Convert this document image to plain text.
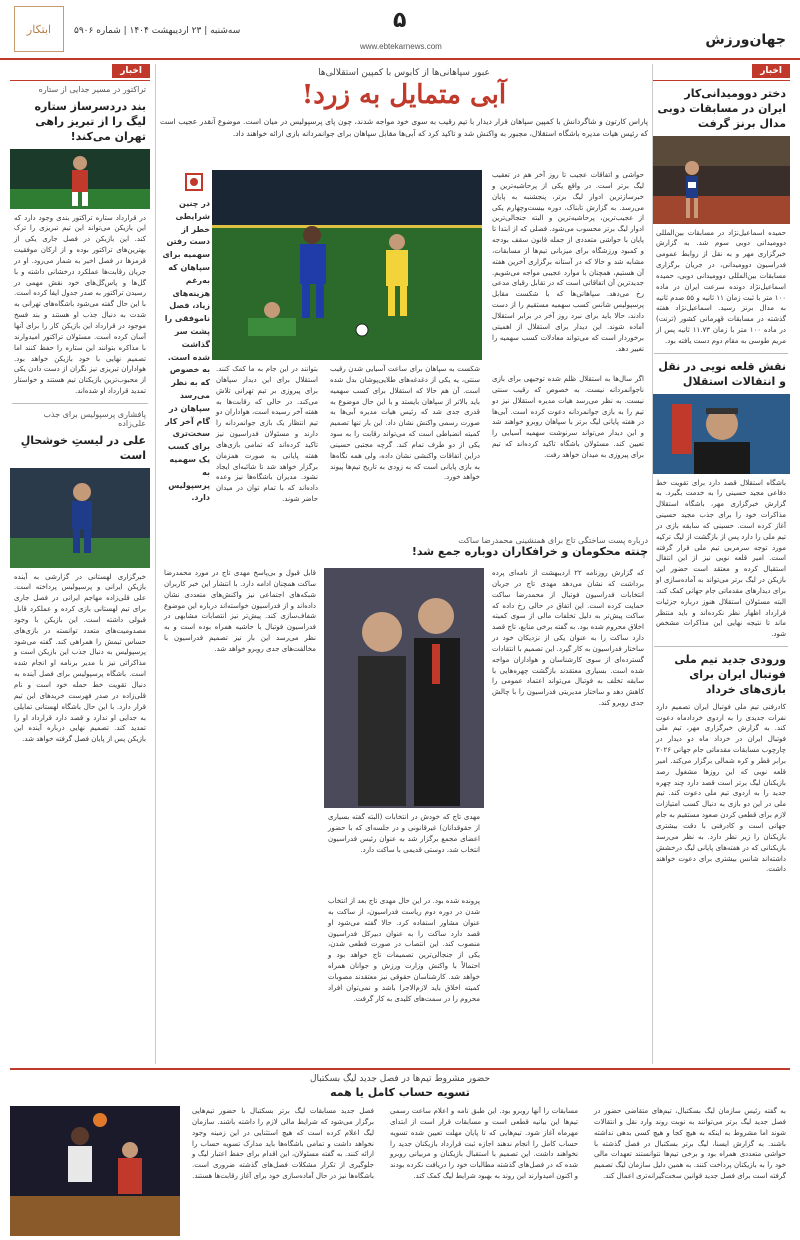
ابتکار	سه‌شنبه | ۲۳ اردیبهشت ۱۴۰۴ | شماره ۵۹۰۶	۵
www.ebtekarnews.com	جهان‌ورزش
اخبار
دختر دوومیدانی‌کار ایران در مسابقات دوبی مدال برنز گرفت
حمیده اسماعیل‌نژاد در مسابقات بین‌المللی دوومیدانی دوبی سوم شد. به گزارش خبرگزاری مهر و به نقل از روابط عمومی فدراسیون دوومیدانی، در جریان برگزاری مسابقات بین‌المللی دوومیدانی دوبی، حمیده اسماعیل‌نژاد دونده سرعت ایران در ماده ۱۰۰ متر با ثبت زمان ۱۱ ثانیه و ۵۵ صدم ثانیه به مدال برنز رسید. اسماعیل‌نژاد هفته گذشته در مسابقات قهرمانی کشور (ترنت) در ماده ۱۰۰ متر با زمان ۱۱.۷۳ ثانیه پس از مریم طوسی به مقام دوم دست یافته بود.
نقش قلعه نویی در نقل و انتقالات استقلال
باشگاه استقلال قصد دارد برای تقویت خط دفاعی مجید حسینی را به خدمت بگیرد. به گزارش خبرگزاری مهر، باشگاه استقلال مذاکرات خود را برای جذب مجید حسینی آغاز کرده است. حسینی که سابقه بازی در تیم ملی را دارد پس از بازگشت از لیگ ترکیه مورد توجه سرمربی تیم ملی قرار گرفته است. امیر قلعه نویی نیز از این انتقال استقبال کرده و معتقد است حضور این بازیکن در لیگ برتر می‌تواند به آماده‌سازی او برای دیدارهای مقدماتی جام جهانی کمک کند. البته مسئولان استقلال هنوز درباره جزئیات قرارداد اظهار نظر نکرده‌اند و باید منتظر ماند تا نتیجه نهایی این مذاکرات مشخص شود.
ورودی جدید تیم ملی فوتبال ایران برای بازی‌های خرداد
کادرفنی تیم ملی فوتبال ایران تصمیم دارد نفرات جدیدی را به اردوی خردادماه دعوت کند. به گزارش خبرگزاری مهر، تیم ملی فوتبال ایران در خرداد ماه دو دیدار در چارچوب مسابقات مقدماتی جام جهانی ۲۰۲۶ برابر قطر و کره شمالی برگزار می‌کند. امیر قلعه نویی که این روزها مشغول رصد بازیکنان لیگ برتر است قصد دارد چند چهره جدید را به اردوی تیم ملی دعوت کند. تیم ملی در این دو بازی به دنبال کسب امتیازات لازم برای قطعی کردن صعود مستقیم به جام جهانی است و کادرفنی با دقت بیشتری بازیکنان را زیر نظر دارد. به نظر می‌رسد بازیکنانی که در هفته‌های پایانی لیگ درخشش داشته‌اند شانس بیشتری برای دعوت خواهند داشت.
اخبار
تراکتور در مسیر جدایی از ستاره
بند دردسرساز ستاره لیگ را از تبریز راهی تهران می‌کند!
در قرارداد ستاره تراکتور بندی وجود دارد که این بازیکن می‌تواند این تیم تبریزی را ترک کند. این بازیکن در فصل جاری یکی از بهترین‌های تراکتور بوده و از ارکان موفقیت قرمزها در فصل اخیر به شمار می‌رود. او در جریان رقابت‌ها عملکرد درخشانی داشته و با گل‌ها و پاس‌گل‌های خود نقش مهمی در رسیدن تراکتور به صدر جدول ایفا کرده است. با این حال گفته می‌شود باشگاه‌های تهرانی به شدت به دنبال جذب او هستند و بند فسخ موجود در قرارداد این بازیکن کار را برای آنها آسان کرده است. مسئولان تراکتور امیدوارند با مذاکره بتوانند این ستاره را حفظ کنند اما تصمیم نهایی با خود بازیکن خواهد بود. هواداران تبریزی نیز نگران از دست دادن یکی از محبوب‌ترین بازیکنان تیم هستند و خواستار تمدید قرارداد او شده‌اند.
پافشاری پرسپولیس برای جذب علی‌زاده
علی در لیستِ خوشحالِ است
خبرگزاری لهستانی در گزارشی به آینده بازیکن ایرانی و پرسپولیس پرداخته است. علی قلی‌زاده مهاجم ایرانی در فصل جاری برای تیم لهستانی بازی کرده و عملکرد قابل قبولی داشته است. این بازیکن با وجود مصدومیت‌های متعدد توانسته در بازی‌های حساس تیمش را همراهی کند. گفته می‌شود پرسپولیس به دنبال جذب این بازیکن است و مذاکراتی نیز با مدیر برنامه او انجام شده است. باشگاه پرسپولیس برای فصل آینده به دنبال تقویت خط حمله خود است و نام قلی‌زاده در صدر فهرست خریدهای این تیم قرار دارد. با این حال باشگاه لهستانی تمایلی به جدایی او ندارد و قصد دارد قرارداد او را تمدید کند. تصمیم نهایی درباره آینده این بازیکن پس از پایان فصل گرفته خواهد شد.
عبور سپاهانی‌ها از کابوس با کمپین استقلالی‌ها
آبی متمایل به زرد!
پاراس کارتون و شاگردانش با کمپین سپاهان قرار دیدار با تیم رقیب به سوی خود مواجه شدند، چون پای پرسپولیس در میان است. موضوع آنقدر عجیب است که رئیس هیات مدیره باشگاه استقلال، مجبور به واکنش شد و تاکید کرد که آبی‌ها مقابل سپاهان برای جوانمردانه بازی ارائه خواهند داد.
در چنین شرایطی خطر از دست رفتن سهمیه برای سپاهان که به‌رغم هزینه‌های زیاد، فصل ناموفقی را پشت سر گذاشت شده است. به خصوص که به نظر می‌رسد سپاهان در گام آخر کار سخت‌تری برای کسب یک سهمیه به پرسپولیس دارد.
حواشی و اتفاقات عجیب تا روز آخر هم در تعقیب لیگ برتر است. در واقع یکی از پرحاشیه‌ترین و خبرسازترین ادوار لیگ برتر، پنجشنبه به پایان می‌رسد. به گزارش تابناک، دوره بیست‌وچهارم یکی از عجیب‌ترین، پرحاشیه‌ترین و البته جنجالی‌ترین ادوار لیگ برتر محسوب می‌شود. فصلی که از ابتدا تا پایان با حواشی متعددی از جمله قانون سقف بودجه و کمبود ورزشگاه برای میزبانی تیم‌ها از مسابقات، مشابه شد و حالا که در آستانه برگزاری آخرین هفته آن هستیم، همچنان با موارد عجیبی مواجه می‌شویم. جدیدترین آن اتفاقاتی است که در تقابل رقبای مدعی رخ می‌دهد. سپاهانی‌ها که با شکست مقابل پرسپولیس شانس کسب سهمیه مستقیم را از دست دادند، حالا باید برای نبرد روز آخر در برابر استقلال آماده شوند. این دیدار برای استقلال از اهمیتی برخوردار است که می‌تواند معادلات کسب سهمیه را تغییر دهد.
شکست به سپاهان برای ساعت آسیایی شدن رقیب سنتی، یه یکی از دغدغه‌های طلایی‌پوشان بدل شده است. آن هم حالا که استقلال برای کسب سهمیه باید بالاتر از سپاهان بایستد و با این حال موضوع به قدری جدی شد که رئیس هیات مدیره آبی‌ها به صورت رسمی واکنش نشان داد. این بار تنها تصمیم کمیته انضباطی است که می‌تواند رقابت را به سود یکی از دو طرف تمام کند. گرچه مجتبی حسینی دراین اتفاقات واکنشی نشان داده، ولی همه نگاه‌ها به بازی پایانی است که به زودی به تاریخ تیم‌ها پیوند خواهد خورد.
بتوانند در این جام به ما کمک کنند. استقلال برای این دیدار سپاهان برای پیروزی بر تیم تهرانی تلاش می‌کند. در حالی که رقابت‌ها به هفته آخر رسیده است، هواداران دو تیم انتظار یک بازی جوانمردانه را دارند و مسئولان فدراسیون نیز تاکید کرده‌اند که تمامی بازی‌های هفته پایانی به صورت همزمان برگزار خواهد شد تا شائبه‌ای ایجاد نشود. مدیران باشگاه‌ها نیز وعده داده‌اند که با تمام توان در میدان حاضر شوند.
اگر سال‌ها به استقلال ظلم شده توجیهی برای بازی ناجوانمردانه نیست. به خصوص که رقیب سنتی نیست. به نظر می‌رسد هیات مدیره استقلال نیز دو تیم را به بازی جوانمردانه دعوت کرده است. آبی‌ها در هفته پایانی لیگ برتر با سپاهان روبرو خواهند شد و این دیدار می‌تواند سرنوشت سهمیه آسیایی را تعیین کند. مسئولان باشگاه تاکید کرده‌اند که تیم برای پیروزی به میدان خواهد رفت.
درباره پست ساختگی تاج برای همنشینی محمدرضا ساکت
چنته محکومان و خرافکاران دوباره جمع شد!
که گزارش روزنامه ۲۲ اردیبهشت از نامه‌ای پرده برداشت که نشان می‌دهد مهدی تاج در جریان انتخابات فدراسیون فوتبال از محمدرضا ساکت حمایت کرده است. این اتفاق در حالی رخ داده که ساکت پیش‌تر به دلیل تخلفات مالی از سوی کمیته اخلاق محروم شده بود. به گفته برخی منابع، تاج قصد دارد ساکت را به عنوان یکی از نزدیکان خود در ساختار فدراسیون به کار گیرد. این تصمیم با انتقادات گسترده‌ای از سوی کارشناسان و هواداران مواجه شده است. بسیاری معتقدند بازگشت چهره‌هایی با سابقه تخلف به فوتبال می‌تواند اعتماد عمومی را کاهش دهد و ساختار مدیریتی فدراسیون را با چالش جدی روبرو کند.
مهدی تاج که خودش در انتخابات (البته گفته بسیاری از حقوقدانان) غیرقانونی و در جلسه‌ای که با حضور اعضای مجمع برگزار شد به عنوان رئیس فدراسیون انتخاب شد، دوستی قدیمی با ساکت دارد.
پرونده شده بود. در این حال مهدی تاج بعد از انتخاب شدن در دوره دوم ریاست فدراسیون، از ساکت به عنوان مشاور استفاده کرد. حالا گفته می‌شود او قصد دارد ساکت را به عنوان دبیرکل فدراسیون منصوب کند. این انتصاب در صورت قطعی شدن، یکی از جنجالی‌ترین تصمیمات تاج خواهد بود و احتمالاً با واکنش وزارت ورزش و جوانان همراه خواهد شد. کارشناسان حقوقی نیز معتقدند مصوبات کمیته اخلاق باید لازم‌الاجرا باشد و نمی‌توان افراد محروم را در سمت‌های کلیدی به کار گرفت.
قابل قبول و بی‌پاسخ مهدی تاج در مورد محمدرضا ساکت همچنان ادامه دارد. با انتشار این خبر کاربران شبکه‌های اجتماعی نیز واکنش‌های متعددی نشان داده‌اند و از فدراسیون خواسته‌اند درباره این موضوع شفاف‌سازی کند. پیش‌تر نیز انتصابات مشابهی در فدراسیون فوتبال با حاشیه همراه بوده است و به نظر می‌رسد این بار نیز تصمیم فدراسیون با مخالفت‌های جدی روبرو خواهد شد.
حضور مشروط تیم‌ها در فصل جدید لیگ بسکتبال
تسویه حساب کامل یا همه
فصل جدید مسابقات لیگ برتر بسکتبال با حضور تیم‌هایی برگزار می‌شود که شرایط مالی لازم را داشته باشند. سازمان لیگ اعلام کرده است که هیچ استثنایی در این زمینه وجود نخواهد داشت و تمامی باشگاه‌ها باید مدارک تسویه حساب را ارائه کنند. به گفته مسئولان، این اقدام برای حفظ اعتبار لیگ و جلوگیری از تکرار مشکلات فصل‌های گذشته ضروری است. باشگاه‌ها نیز در حال آماده‌سازی خود برای آغاز رقابت‌ها هستند.
مسابقات را آنها روبرو بود. این طبق نامه و اعلام ساعت رسمی تیم‌ها این بیانیه قطعی است و مسابقات قرار است از ابتدای مهرماه آغاز شود. تیم‌هایی که تا پایان مهلت تعیین شده تسویه حساب کامل را انجام ندهند اجازه ثبت قرارداد بازیکنان جدید را نخواهند داشت. این تصمیم با استقبال بازیکنان و مربیانی روبرو شده که در فصل‌های گذشته مطالبات خود را دریافت نکرده بودند و اکنون امیدوارند این روند به بهبود شرایط لیگ کمک کند.
به گفته رئیس سازمان لیگ بسکتبال، تیم‌های متقاضی حضور در فصل جدید لیگ برتر می‌توانند به نوبت روند وارد نقل و انتقالات شوند اما مشروط به اینکه به هیچ کجا و هیچ کسی بدهی نداشته باشند. به گزارش ایسنا، لیگ برتر بسکتبال در فصل گذشته با حواشی متعددی همراه بود و برخی تیم‌ها نتوانستند تعهدات مالی خود را به بازیکنان پرداخت کنند. به همین دلیل سازمان لیگ تصمیم گرفته است برای فصل جدید قوانین سخت‌گیرانه‌تری اعمال کند.
